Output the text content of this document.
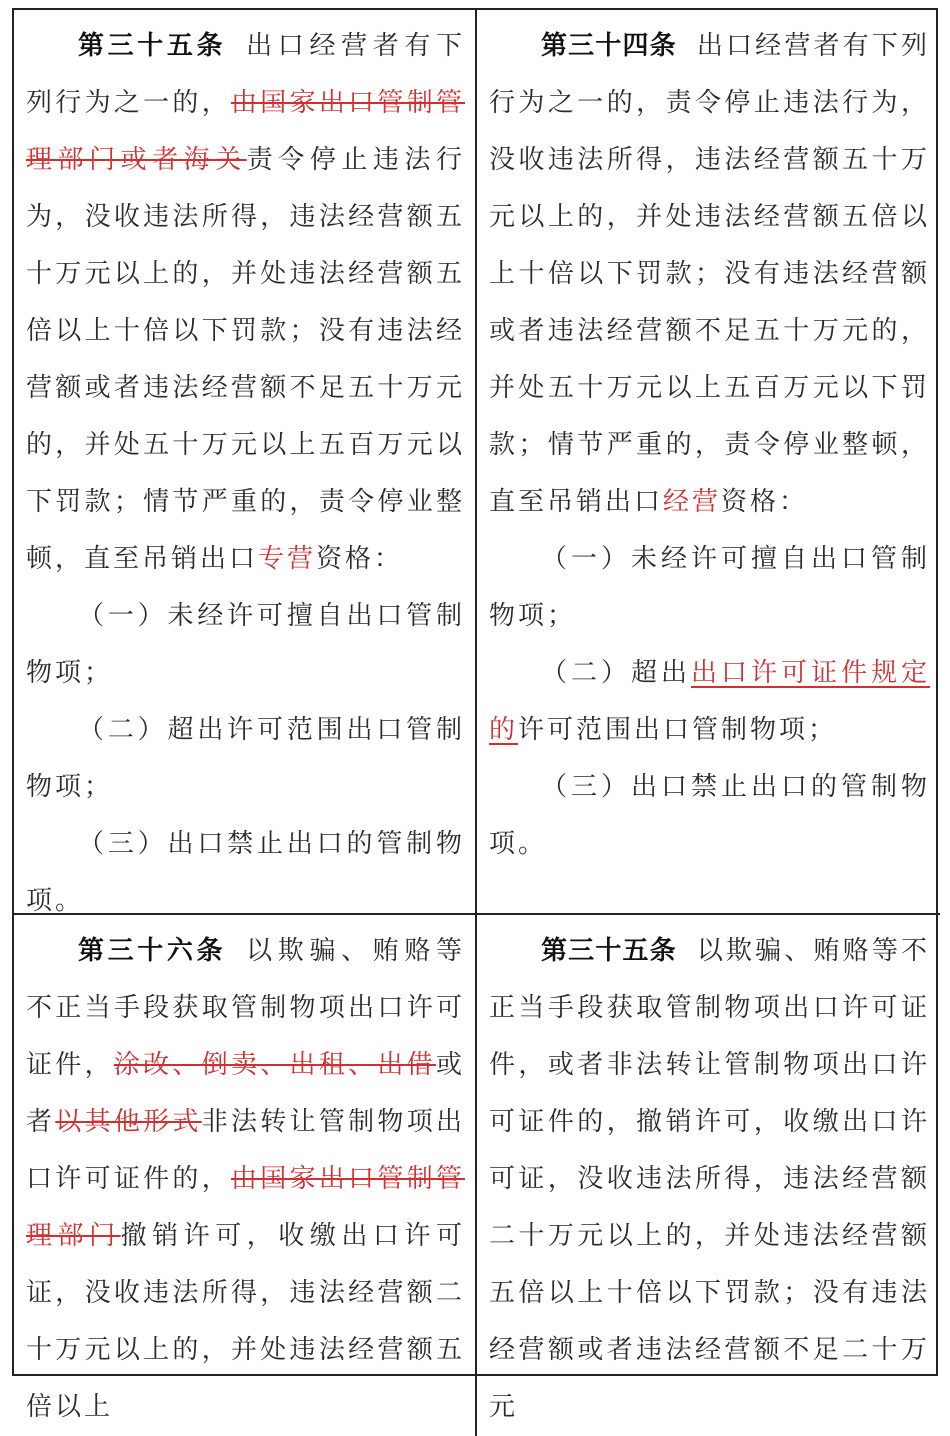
第三十五条 出口经营者有下列行为之一的，由国家出口管制管理部门或者海关责令停止违法行为，没收违法所得，违法经营额五十万元以上的，并处违法经营额五倍以上十倍以下罚款；没有违法经营额或者违法经营额不足五十万元的，并处五十万元以上五百万元以下罚款；情节严重的，责令停业整顿，直至吊销出口专营资格：

（一）未经许可擅自出口管制物项；

（二）超出许可范围出口管制物项；

（三）出口禁止出口的管制物项。

第三十四条 出口经营者有下列行为之一的，责令停止违法行为，没收违法所得，违法经营额五十万元以上的，并处违法经营额五倍以上十倍以下罚款；没有违法经营额或者违法经营额不足五十万元的，并处五十万元以上五百万元以下罚款；情节严重的，责令停业整顿，直至吊销出口经营资格：

（一）未经许可擅自出口管制物项；

（二）超出出口许可证件规定的许可范围出口管制物项；

（三）出口禁止出口的管制物项。

第三十六条 以欺骗、贿赂等不正当手段获取管制物项出口许可证件，涂改、倒卖、出租、出借或者以其他形式非法转让管制物项出口许可证件的，由国家出口管制管理部门撤销许可，收缴出口许可证，没收违法所得，违法经营额二十万元以上的，并处违法经营额五倍以上

第三十五条 以欺骗、贿赂等不正当手段获取管制物项出口许可证件，或者非法转让管制物项出口许可证件的，撤销许可，收缴出口许可证，没收违法所得，违法经营额二十万元以上的，并处违法经营额五倍以上十倍以下罚款；没有违法经营额或者违法经营额不足二十万元
